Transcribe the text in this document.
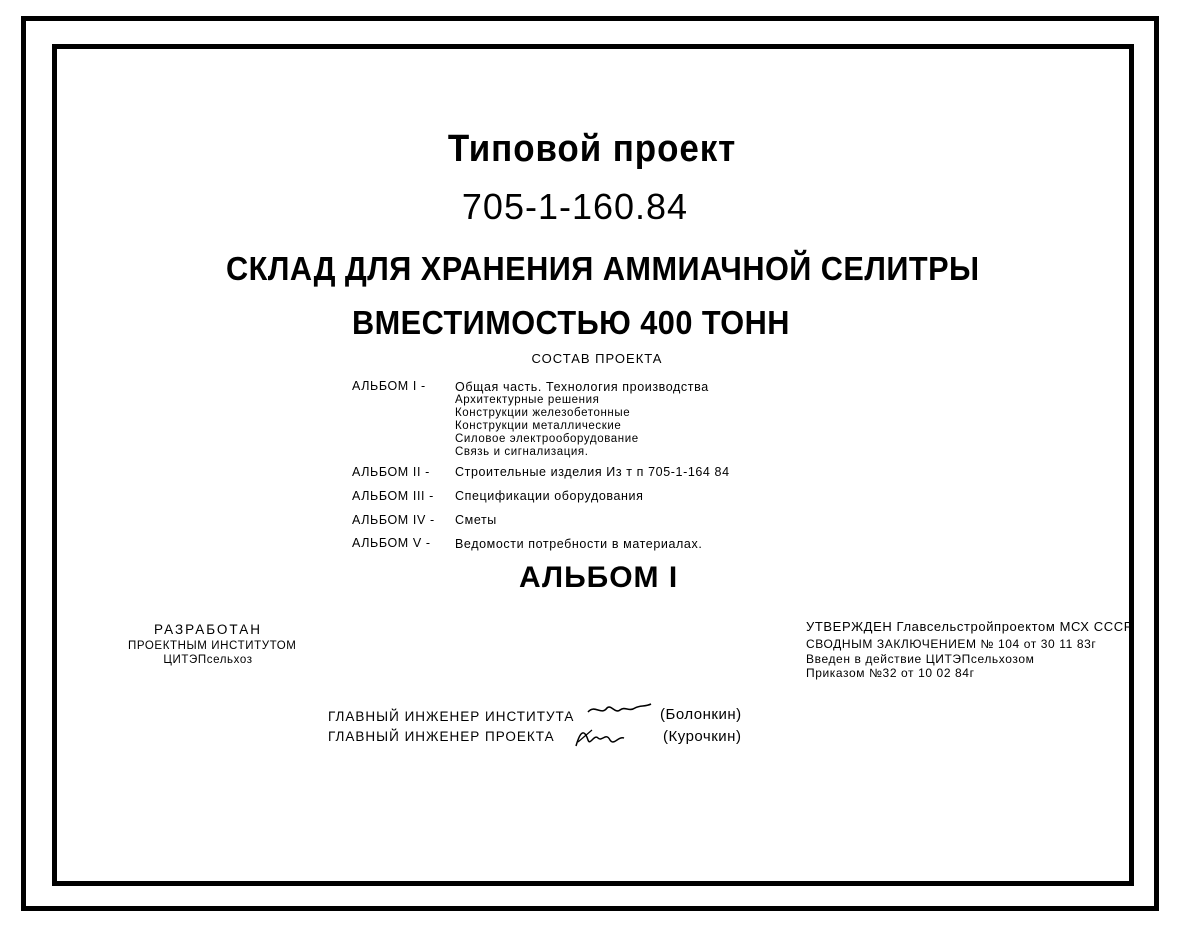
Типовой проект
705-1-160.84
СКЛАД ДЛЯ ХРАНЕНИЯ АММИАЧНОЙ СЕЛИТРЫ
ВМЕСТИМОСТЬЮ 400 ТОНН
СОСТАВ ПРОЕКТА
АЛЬБОМ I - Общая часть. Технология производства
Архитектурные решения
Конструкции железобетонные
Конструкции металлические
Силовое электрооборудование
Связь и сигнализация.
АЛЬБОМ II - Строительные изделия Из т п 705-1-164 84
АЛЬБОМ III - Спецификации оборудования
АЛЬБОМ IV - Сметы
АЛЬБОМ V - Ведомости потребности в материалах.
АЛЬБОМ I
РАЗРАБОТАН
ПРОЕКТНЫМ ИНСТИТУТОМ
ЦИТЭПсельхоз
УТВЕРЖДЕН Главсельстройпроектом МСХ СССР
СВОДНЫМ ЗАКЛЮЧЕНИЕМ № 104 от 30 11 83г
Введен в действие ЦИТЭПсельхозом
Приказом №32 от 10 02 84г
ГЛАВНЫЙ ИНЖЕНЕР ИНСТИТУТА	(Болонкин)
ГЛАВНЫЙ ИНЖЕНЕР ПРОЕКТА	(Курочкин)
